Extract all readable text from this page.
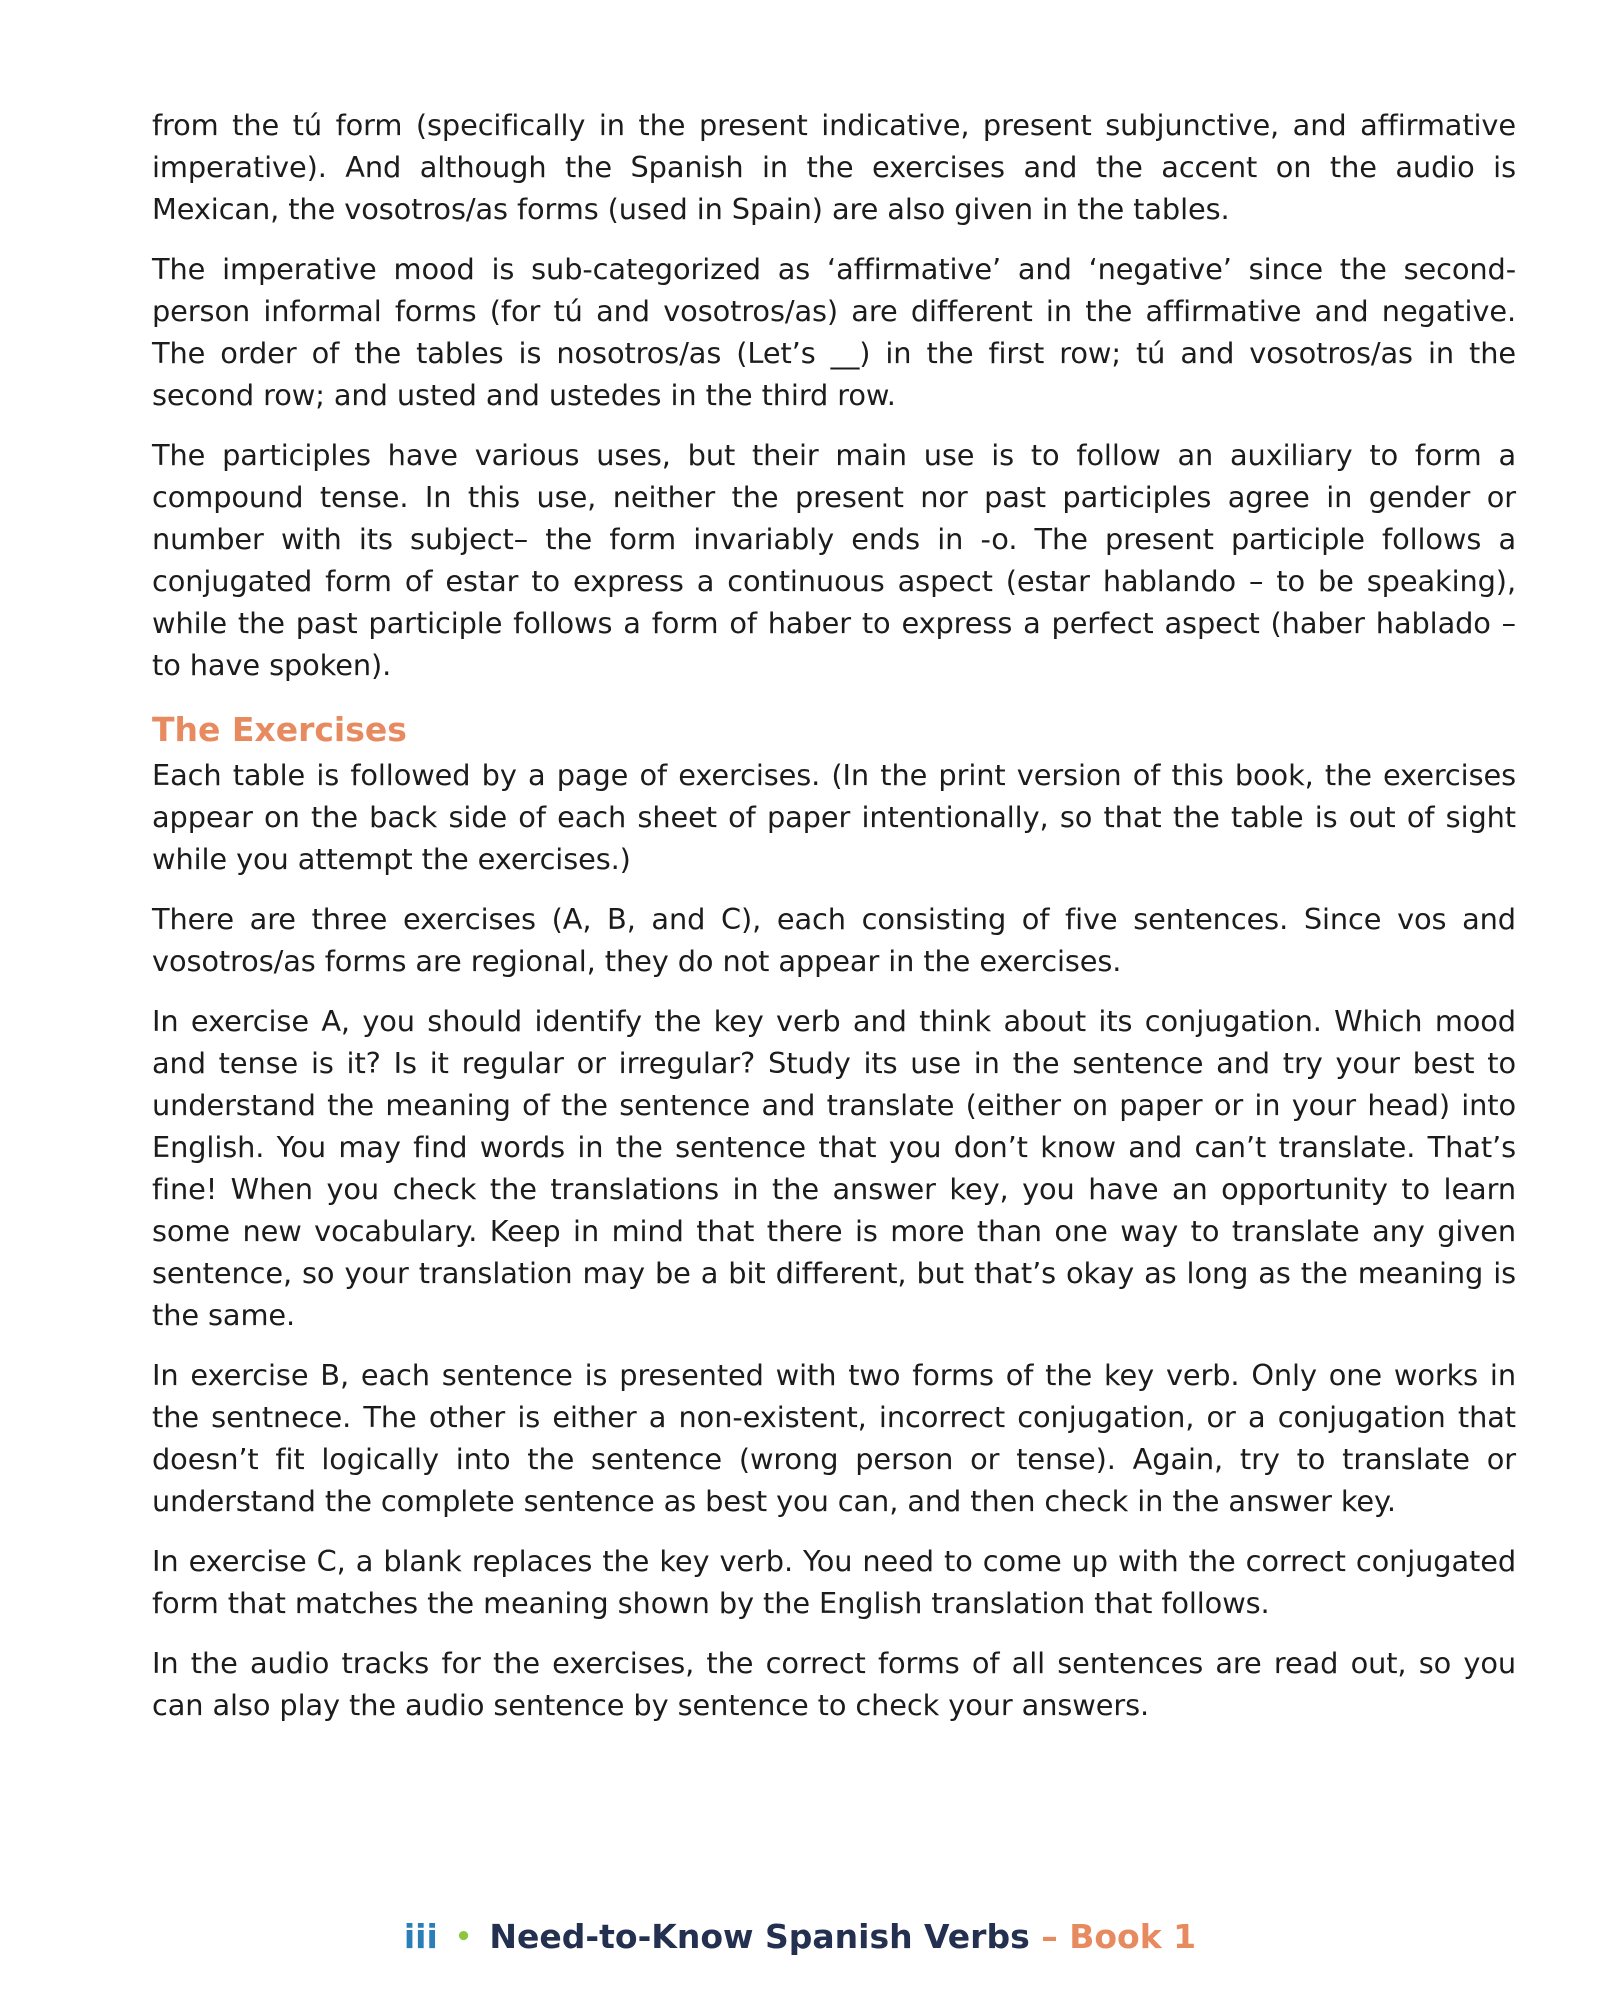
from the tú form (specifically in the present indicative, present subjunctive, and affirmative imperative). And although the Spanish in the exercises and the accent on the audio is Mexican, the vosotros/as forms (used in Spain) are also given in the tables.

The imperative mood is sub-categorized as ‘affirmative’ and ‘negative’ since the second-person informal forms (for tú and vosotros/as) are different in the affirmative and negative. The order of the tables is nosotros/as (Let’s __) in the first row; tú and vosotros/as in the second row; and usted and ustedes in the third row.

The participles have various uses, but their main use is to follow an auxiliary to form a compound tense. In this use, neither the present nor past participles agree in gender or number with its subject– the form invariably ends in -o. The present participle follows a conjugated form of estar to express a continuous aspect (estar hablando – to be speaking), while the past participle follows a form of haber to express a perfect aspect (haber hablado – to have spoken).

The Exercises

Each table is followed by a page of exercises. (In the print version of this book, the exercises appear on the back side of each sheet of paper intentionally, so that the table is out of sight while you attempt the exercises.)

There are three exercises (A, B, and C), each consisting of five sentences. Since vos and vosotros/as forms are regional, they do not appear in the exercises.

In exercise A, you should identify the key verb and think about its conjugation. Which mood and tense is it? Is it regular or irregular? Study its use in the sentence and try your best to understand the meaning of the sentence and translate (either on paper or in your head) into English. You may find words in the sentence that you don’t know and can’t translate. That’s fine! When you check the translations in the answer key, you have an opportunity to learn some new vocabulary. Keep in mind that there is more than one way to translate any given sentence, so your translation may be a bit different, but that’s okay as long as the meaning is the same.

In exercise B, each sentence is presented with two forms of the key verb. Only one works in the sentnece. The other is either a non-existent, incorrect conjugation, or a conjugation that doesn’t fit logically into the sentence (wrong person or tense). Again, try to translate or understand the complete sentence as best you can, and then check in the answer key.

In exercise C, a blank replaces the key verb. You need to come up with the correct conjugated form that matches the meaning shown by the English translation that follows.

In the audio tracks for the exercises, the correct forms of all sentences are read out, so you can also play the audio sentence by sentence to check your answers.

iii • Need-to-Know Spanish Verbs – Book 1
